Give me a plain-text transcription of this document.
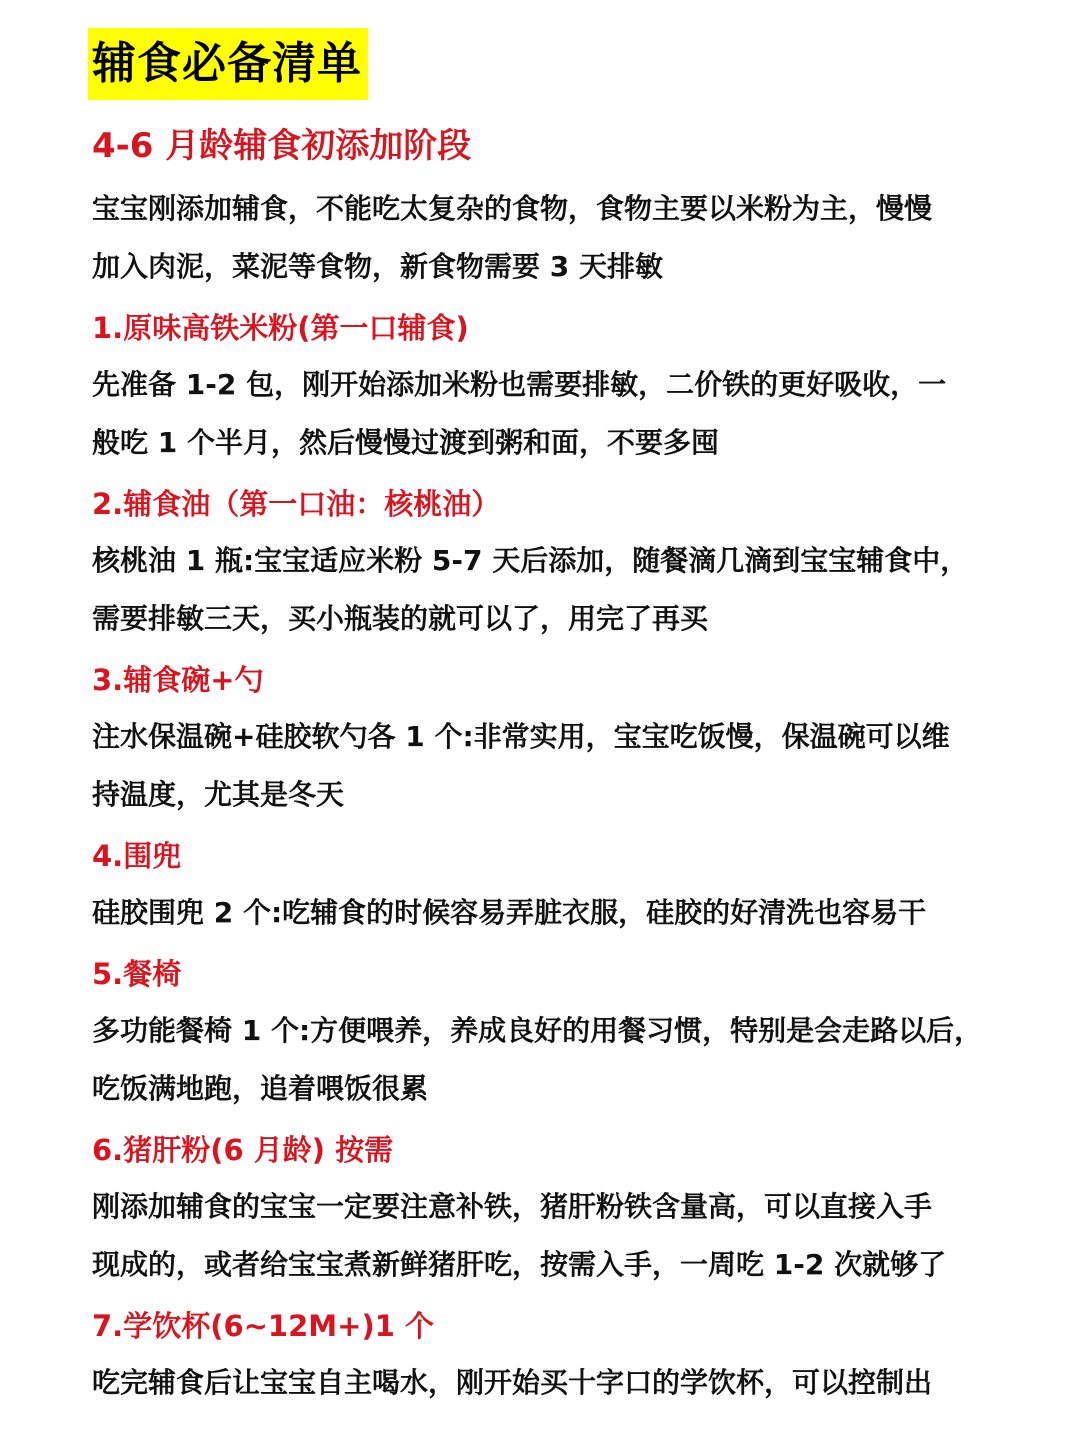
辅食必备清单
4-6 月龄辅食初添加阶段
宝宝刚添加辅食，不能吃太复杂的食物，食物主要以米粉为主，慢慢
加入肉泥，菜泥等食物，新食物需要 3 天排敏
1.原味高铁米粉(第一口辅食)
先准备 1-2 包，刚开始添加米粉也需要排敏，二价铁的更好吸收，一
般吃 1 个半月，然后慢慢过渡到粥和面，不要多囤
2.辅食油（第一口油：核桃油）
核桃油 1 瓶:宝宝适应米粉 5-7 天后添加，随餐滴几滴到宝宝辅食中，
需要排敏三天，买小瓶装的就可以了，用完了再买
3.辅食碗+勺
注水保温碗+硅胶软勺各 1 个:非常实用，宝宝吃饭慢，保温碗可以维
持温度，尤其是冬天
4.围兜
硅胶围兜 2 个:吃辅食的时候容易弄脏衣服，硅胶的好清洗也容易干
5.餐椅
多功能餐椅 1 个:方便喂养，养成良好的用餐习惯，特别是会走路以后，
吃饭满地跑，追着喂饭很累
6.猪肝粉(6 月龄) 按需
刚添加辅食的宝宝一定要注意补铁，猪肝粉铁含量高，可以直接入手
现成的，或者给宝宝煮新鲜猪肝吃，按需入手，一周吃 1-2 次就够了
7.学饮杯(6~12M+)1 个
吃完辅食后让宝宝自主喝水，刚开始买十字口的学饮杯，可以控制出
